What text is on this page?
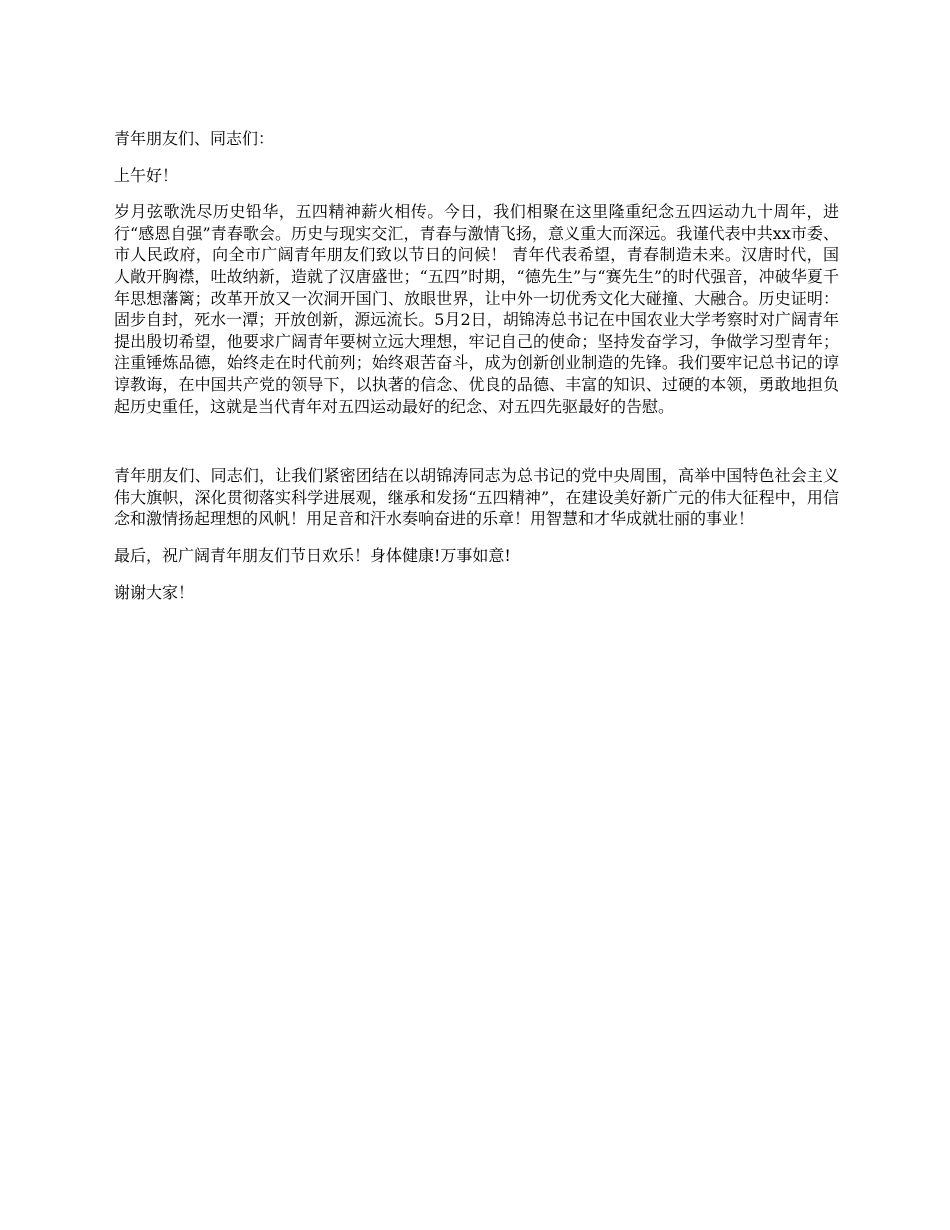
青年朋友们、同志们：

上午好！

岁月弦歌洗尽历史铅华，五四精神薪火相传。今日，我们相聚在这里隆重纪念五四运动九十周年，进行“感恩自强”青春歌会。历史与现实交汇，青春与激情飞扬，意义重大而深远。我谨代表中共xx市委、市人民政府，向全市广阔青年朋友们致以节日的问候！ 青年代表希望，青春制造未来。汉唐时代，国人敞开胸襟，吐故纳新，造就了汉唐盛世；“五四”时期，“德先生”与“赛先生”的时代强音，冲破华夏千年思想藩篱；改革开放又一次洞开国门、放眼世界，让中外一切优秀文化大碰撞、大融合。历史证明：固步自封，死水一潭；开放创新，源远流长。5月2日，胡锦涛总书记在中国农业大学考察时对广阔青年提出殷切希望，他要求广阔青年要树立远大理想，牢记自己的使命；坚持发奋学习，争做学习型青年；注重锤炼品德，始终走在时代前列；始终艰苦奋斗，成为创新创业制造的先锋。我们要牢记总书记的谆谆教诲，在中国共产党的领导下，以执著的信念、优良的品德、丰富的知识、过硬的本领，勇敢地担负起历史重任，这就是当代青年对五四运动最好的纪念、对五四先驱最好的告慰。

青年朋友们、同志们，让我们紧密团结在以胡锦涛同志为总书记的党中央周围，高举中国特色社会主义伟大旗帜，深化贯彻落实科学进展观，继承和发扬“五四精神”，在建设美好新广元的伟大征程中，用信念和激情扬起理想的风帆！用足音和汗水奏响奋进的乐章！用智慧和才华成就壮丽的事业！

最后，祝广阔青年朋友们节日欢乐！身体健康!万事如意!

谢谢大家！
